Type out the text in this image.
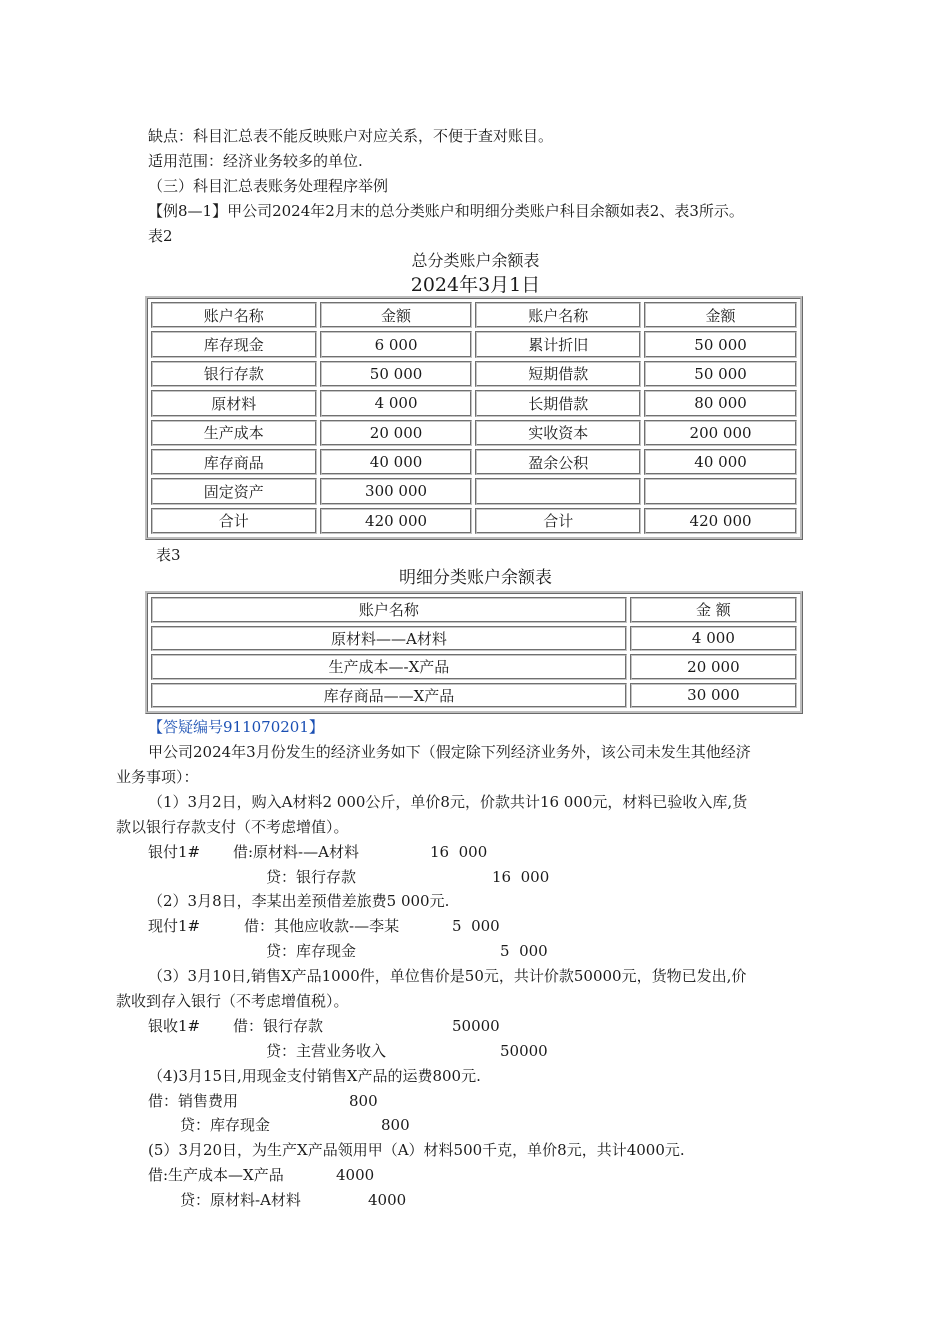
缺点：科目汇总表不能反映账户对应关系，不便于查对账目。
适用范围：经济业务较多的单位.
（三）科目汇总表账务处理程序举例
【例8—1】甲公司2024年2月末的总分类账户和明细分类账户科目余额如表2、表3所示。
表2
总分类账户余额表
2024年3月1日
账户名称	金额	账户名称	金额
库存现金	6 000	累计折旧	50 000
银行存款	50 000	短期借款	50 000
原材料	4 000	长期借款	80 000
生产成本	20 000	实收资本	200 000
库存商品	40 000	盈余公积	40 000
固定资产	300 000		
合计	420 000	合计	420 000
表3
明细分类账户余额表
账户名称	金 额
原材料——A材料	4 000
生产成本—-X产品	20 000
库存商品——X产品	30 000
【答疑编号911070201】
甲公司2024年3月份发生的经济业务如下（假定除下列经济业务外，该公司未发生其他经济
业务事项）：
（1）3月2日，购入A材料2 000公斤，单价8元，价款共计16 000元，材料已验收入库,货
款以银行存款支付（不考虑增值）。
银付1# 借:原材料-—A材料	16  000
贷：银行存款	16  000
（2）3月8日，李某出差预借差旅费5 000元.
现付1#	借：其他应收款-—李某	5  000
贷：库存现金	5  000
（3）3月10日,销售X产品1000件，单位售价是50元，共计价款50000元，货物已发出,价
款收到存入银行（不考虑增值税）。
银收1# 借：银行存款	50000
贷：主营业务收入	50000
（4)3月15日,用现金支付销售X产品的运费800元.
借：销售费用	800
贷：库存现金	800
(5）3月20日，为生产X产品领用甲（A）材料500千克，单价8元，共计4000元.
借:生产成本—X产品	4000
贷：原材料-A材料	4000
